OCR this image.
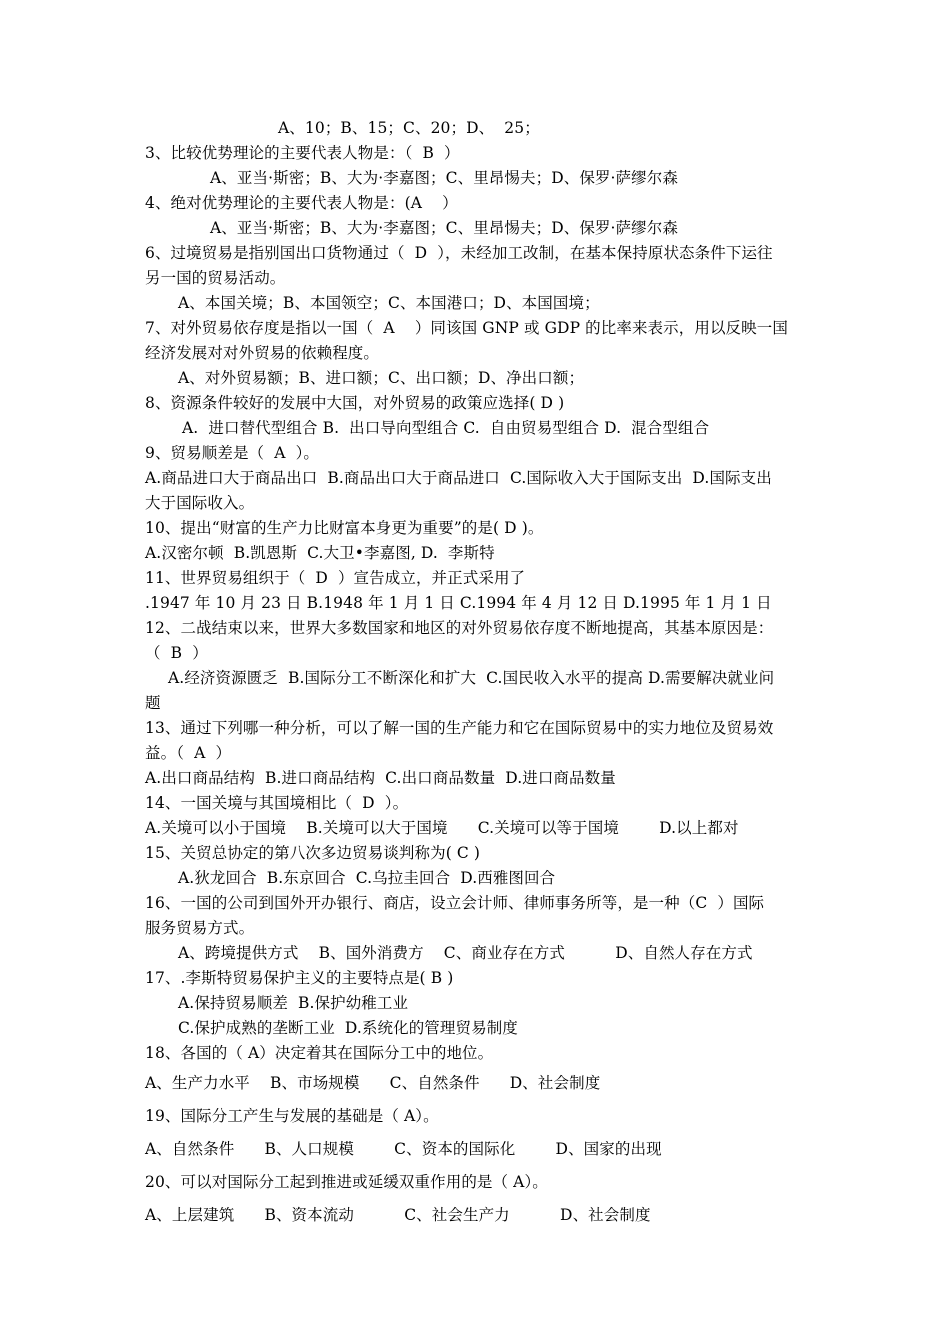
A、10；B、15；C、20；D、  25；
3、比较优势理论的主要代表人物是：（  B  ）
A、亚当·斯密；B、大为·李嘉图；C、里昂惕夫；D、保罗·萨缪尔森
4、绝对优势理论的主要代表人物是：(A    ）
A、亚当·斯密；B、大为·李嘉图；C、里昂惕夫；D、保罗·萨缪尔森
6、过境贸易是指别国出口货物通过（  D  ），未经加工改制，在基本保持原状态条件下运往
另一国的贸易活动。
A、本国关境；B、本国领空；C、本国港口；D、本国国境；
7、对外贸易依存度是指以一国（  A    ）同该国 GNP 或 GDP 的比率来表示，用以反映一国
经济发展对对外贸易的依赖程度。
A、对外贸易额；B、进口额；C、出口额；D、净出口额；
8、资源条件较好的发展中大国，对外贸易的政策应选择( D )
A.  进口替代型组合 B.  出口导向型组合 C.  自由贸易型组合 D.  混合型组合
9、贸易顺差是（  A  ）。
A.商品进口大于商品出口  B.商品出口大于商品进口  C.国际收入大于国际支出  D.国际支出
大于国际收入。
10、提出“财富的生产力比财富本身更为重要”的是( D )。
A.汉密尔顿  B.凯恩斯  C.大卫•李嘉图, D.  李斯特
11、世界贸易组织于（  D  ）宣告成立，并正式采用了
.1947 年 10 月 23 日 B.1948 年 1 月 1 日 C.1994 年 4 月 12 日 D.1995 年 1 月 1 日
12、二战结束以来，世界大多数国家和地区的对外贸易依存度不断地提高，其基本原因是：
（  B  ）
A.经济资源匮乏  B.国际分工不断深化和扩大  C.国民收入水平的提高 D.需要解决就业问
题
13、通过下列哪一种分析，可以了解一国的生产能力和它在国际贸易中的实力地位及贸易效
益。（  A  ）
A.出口商品结构  B.进口商品结构  C.出口商品数量  D.进口商品数量
14、一国关境与其国境相比（  D  ）。
A.关境可以小于国境    B.关境可以大于国境      C.关境可以等于国境        D.以上都对
15、关贸总协定的第八次多边贸易谈判称为( C )
A.狄龙回合  B.东京回合  C.乌拉圭回合  D.西雅图回合
16、一国的公司到国外开办银行、商店，设立会计师、律师事务所等，是一种（C  ）国际
服务贸易方式。
A、跨境提供方式    B、国外消费方    C、商业存在方式          D、自然人存在方式
17、.李斯特贸易保护主义的主要特点是( B )
A.保持贸易顺差  B.保护幼稚工业
C.保护成熟的垄断工业  D.系统化的管理贸易制度
18、各国的（ A）决定着其在国际分工中的地位。
A、生产力水平    B、市场规模      C、自然条件      D、社会制度
19、国际分工产生与发展的基础是（ A）。
A、自然条件      B、人口规模        C、资本的国际化        D、国家的出现
20、可以对国际分工起到推进或延缓双重作用的是（ A）。
A、上层建筑      B、资本流动          C、社会生产力          D、社会制度
